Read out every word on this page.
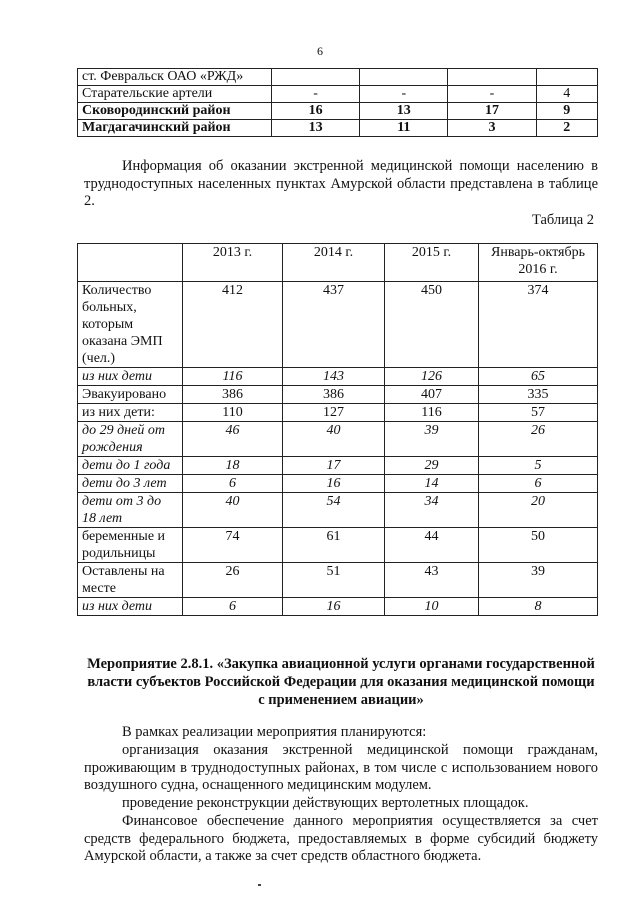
6
ст. Февральск ОАО «РЖД»				
Старательские артели	-	-	-	4
Сковородинский район	16	13	17	9
Магдагачинский район	13	11	3	2
Информация об оказании экстренной медицинской помощи населению в труднодоступных населенных пунктах Амурской области представлена в таблице 2.
Таблица 2
	2013 г.	2014 г.	2015 г.	Январь-октябрь 2016 г.
Количество больных, которым оказана ЭМП (чел.)	412	437	450	374
из них дети	116	143	126	65
Эвакуировано	386	386	407	335
из них дети:	110	127	116	57
до 29 дней от рождения	46	40	39	26
дети до 1 года	18	17	29	5
дети до 3 лет	6	16	14	6
дети от 3 до 18 лет	40	54	34	20
беременные и родильницы	74	61	44	50
Оставлены на месте	26	51	43	39
из них дети	6	16	10	8
Мероприятие 2.8.1. «Закупка авиационной услуги органами государственной власти субъектов Российской Федерации для оказания медицинской помощи с применением авиации»
В рамках реализации мероприятия планируются:
организация оказания экстренной медицинской помощи гражданам, проживающим в труднодоступных районах, в том числе с использованием нового воздушного судна, оснащенного медицинским модулем.
проведение реконструкции действующих вертолетных площадок.
Финансовое обеспечение данного мероприятия осуществляется за счет средств федерального бюджета, предоставляемых в форме субсидий бюджету Амурской области, а также за счет средств областного бюджета.
